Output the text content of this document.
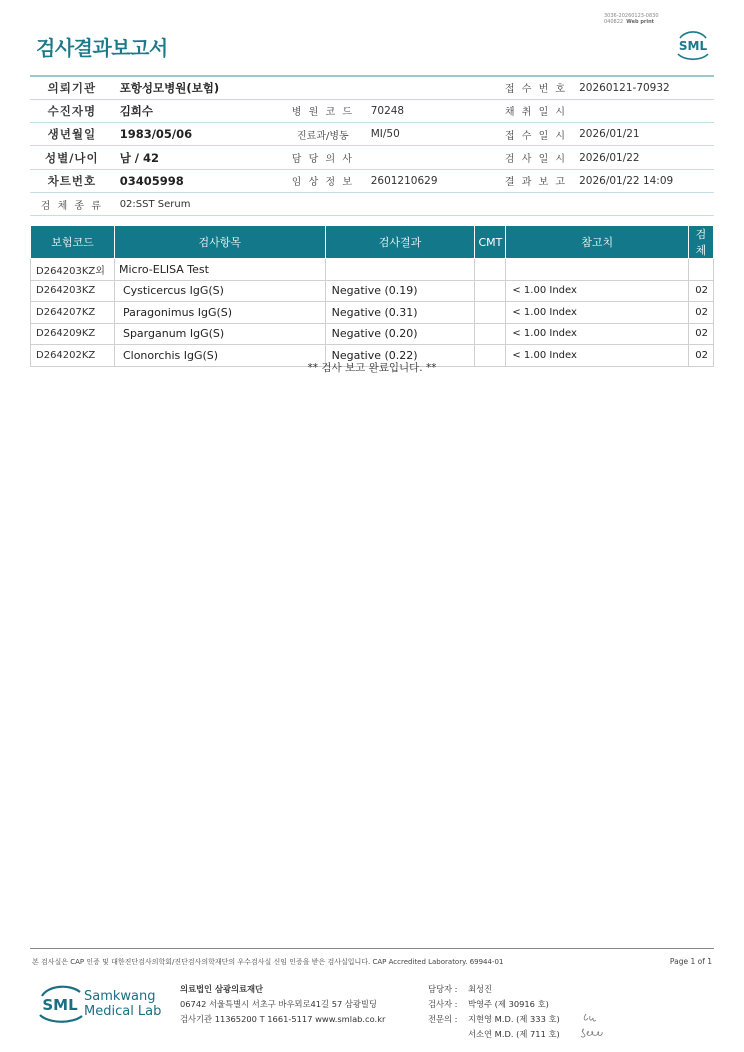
3036-20260123-0830
040822 Web print
검사결과보고서	SML
의뢰기관	포항성모병원(보험)			접 수 번 호	20260121-70932
수진자명	김희수	병 원 코 드	70248	채 취 일 시	
생년월일	1983/05/06	진료과/병동	MI/50	접 수 일 시	2026/01/21
성별/나이	남 / 42	담 당 의 사		검 사 일 시	2026/01/22
차트번호	03405998	임 상 정 보	2601210629	결 과 보 고	2026/01/22 14:09
검 체 종 류	02:SST Serum				
보험코드	검사항목	검사결과	CMT	참고치	검체
D264203KZ외	Micro-ELISA Test				
D264203KZ	Cysticercus IgG(S)	Negative (0.19)		< 1.00 Index	02
D264207KZ	Paragonimus IgG(S)	Negative (0.31)		< 1.00 Index	02
D264209KZ	Sparganum IgG(S)	Negative (0.20)		< 1.00 Index	02
D264202KZ	Clonorchis IgG(S)	Negative (0.22)		< 1.00 Index	02
** 검사 보고 완료입니다. **
본 검사실은 CAP 인증 및 대한진단검사의학회/진단검사의학재단의 우수검사실 신임 인증을 받은 검사실입니다. CAP Accredited Laboratory. 69944-01	Page 1 of 1
SML Samkwang
Medical Lab
의료법인 삼광의료재단
06742 서울특별시 서초구 바우뫼로41길 57 삼광빌딩
검사기관 11365200 T 1661-5117 www.smlab.co.kr
담당자 : 최성진
검사자 : 박영주 (제 30916 호)
전문의 : 지현영 M.D. (제 333 호)
서소연 M.D. (제 711 호)
